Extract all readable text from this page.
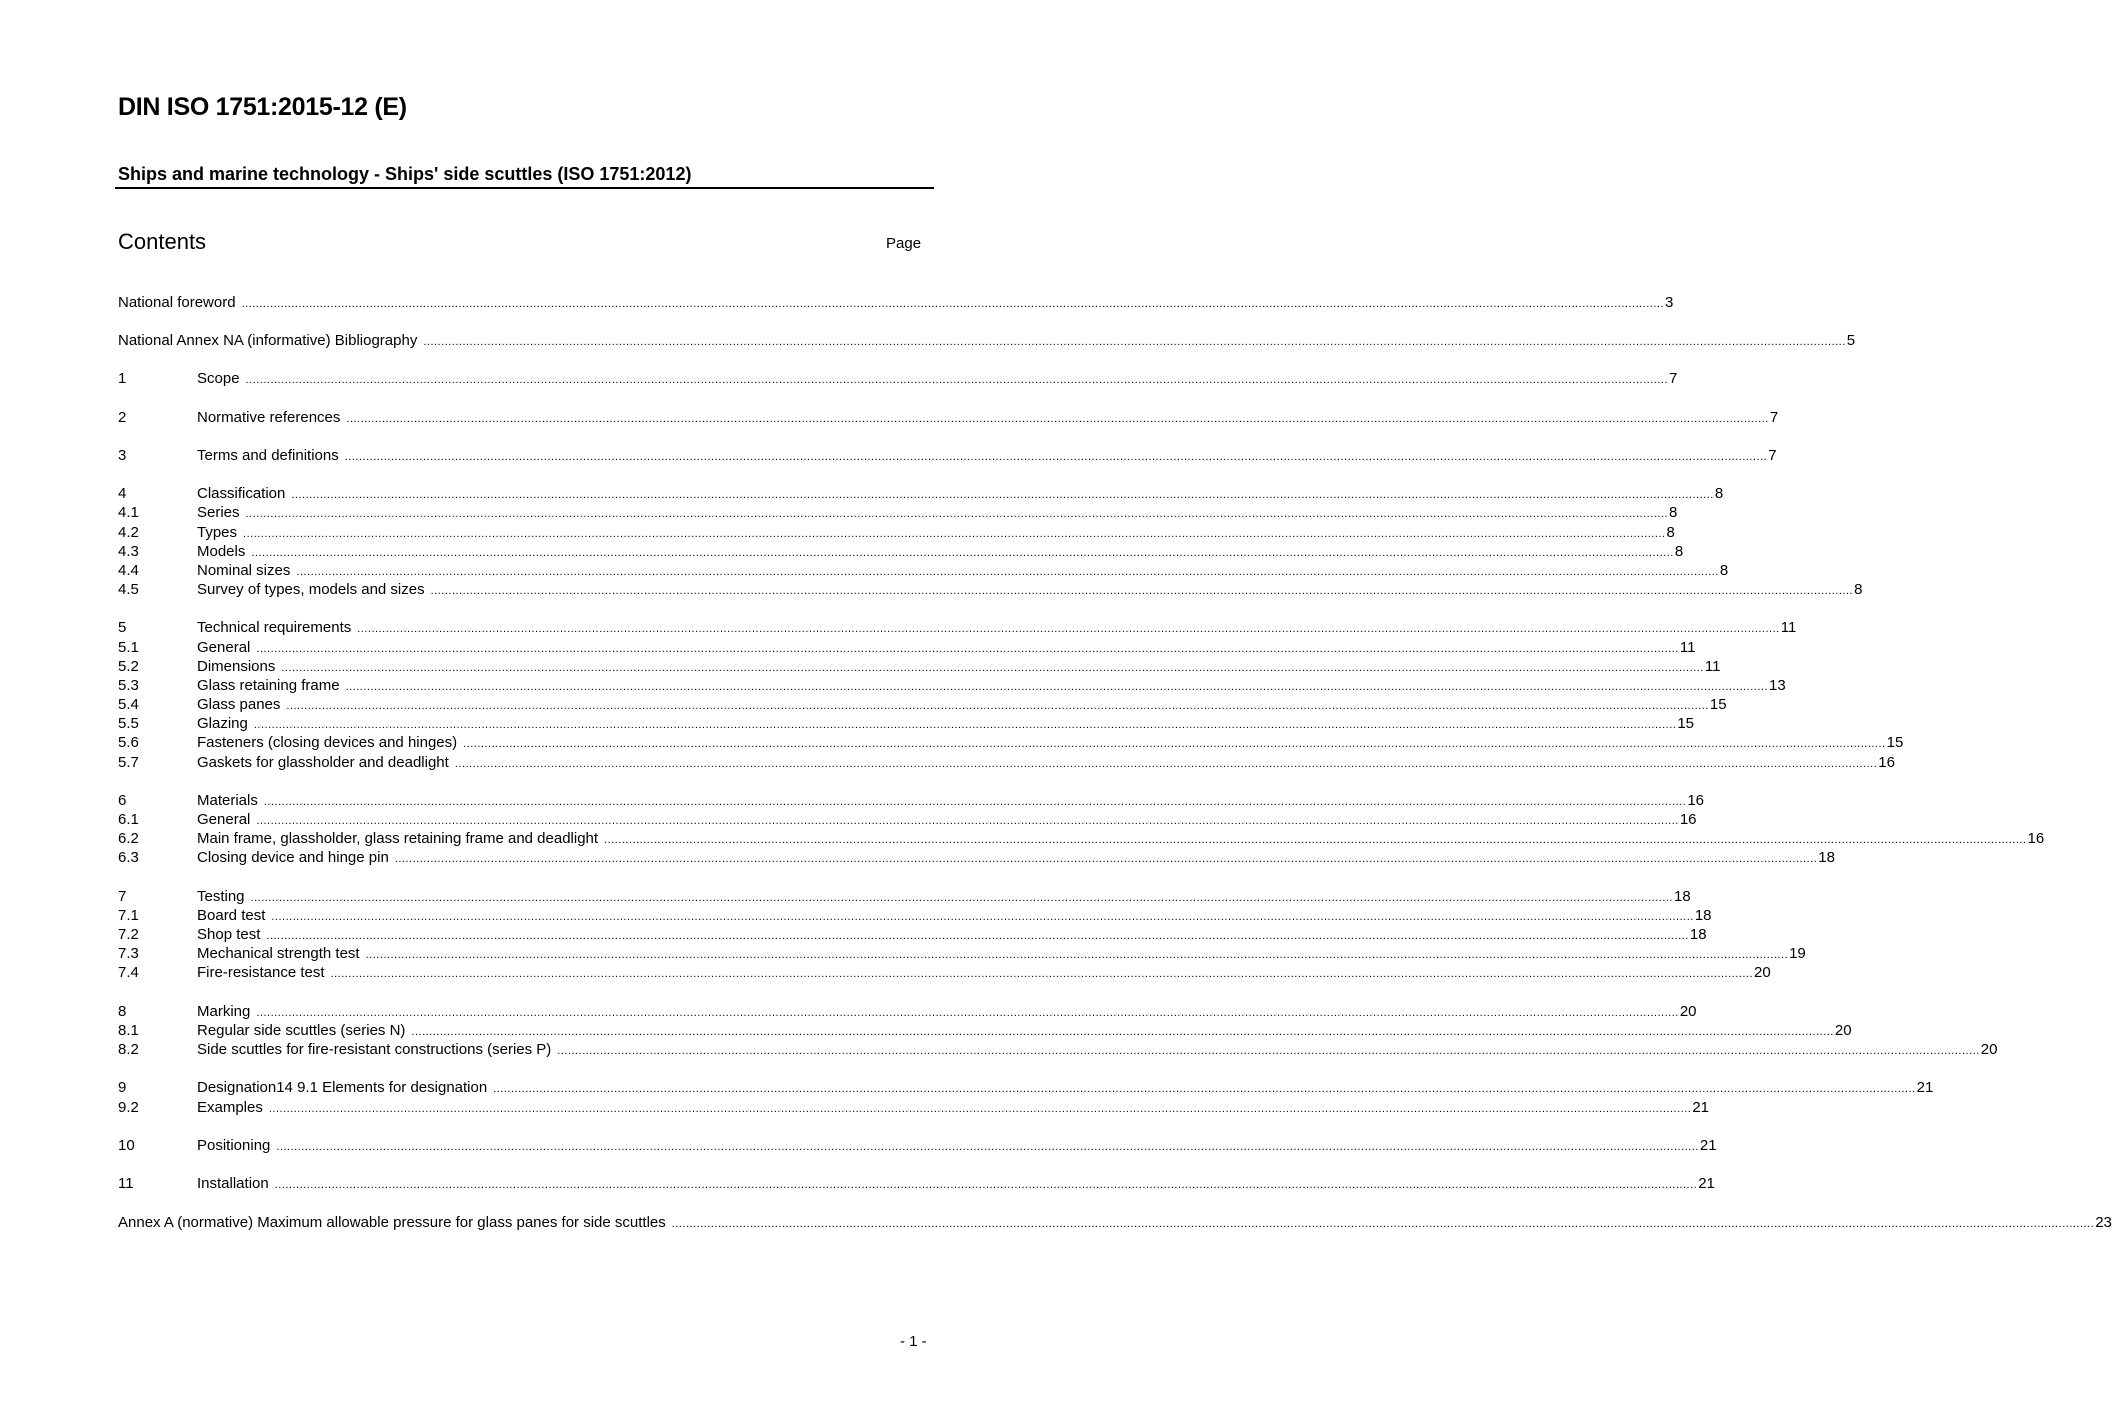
DIN ISO 1751:2015-12 (E)
Ships and marine technology - Ships' side scuttles (ISO 1751:2012)
Contents	Page
National foreword ................................................................................................................................................................................................................................................................................................................................................................................................................ 3
National Annex NA (informative) Bibliography ................................................................................................................................................................................................................................................................................................................................................................................................................ 5
1	Scope ................................................................................................................................................................................................................................................................................................................................................................................................................ 7
2	Normative references ................................................................................................................................................................................................................................................................................................................................................................................................................ 7
3	Terms and definitions ................................................................................................................................................................................................................................................................................................................................................................................................................ 7
4	Classification ................................................................................................................................................................................................................................................................................................................................................................................................................ 8
4.1	Series ................................................................................................................................................................................................................................................................................................................................................................................................................ 8
4.2	Types ................................................................................................................................................................................................................................................................................................................................................................................................................ 8
4.3	Models ................................................................................................................................................................................................................................................................................................................................................................................................................ 8
4.4	Nominal sizes ................................................................................................................................................................................................................................................................................................................................................................................................................ 8
4.5	Survey of types, models and sizes ................................................................................................................................................................................................................................................................................................................................................................................................................ 8
5	Technical requirements ................................................................................................................................................................................................................................................................................................................................................................................................................ 11
5.1	General ................................................................................................................................................................................................................................................................................................................................................................................................................ 11
5.2	Dimensions ................................................................................................................................................................................................................................................................................................................................................................................................................ 11
5.3	Glass retaining frame ................................................................................................................................................................................................................................................................................................................................................................................................................ 13
5.4	Glass panes ................................................................................................................................................................................................................................................................................................................................................................................................................ 15
5.5	Glazing ................................................................................................................................................................................................................................................................................................................................................................................................................ 15
5.6	Fasteners (closing devices and hinges) ................................................................................................................................................................................................................................................................................................................................................................................................................ 15
5.7	Gaskets for glassholder and deadlight ................................................................................................................................................................................................................................................................................................................................................................................................................ 16
6	Materials ................................................................................................................................................................................................................................................................................................................................................................................................................ 16
6.1	General ................................................................................................................................................................................................................................................................................................................................................................................................................ 16
6.2	Main frame, glassholder, glass retaining frame and deadlight ................................................................................................................................................................................................................................................................................................................................................................................................................ 16
6.3	Closing device and hinge pin ................................................................................................................................................................................................................................................................................................................................................................................................................ 18
7	Testing ................................................................................................................................................................................................................................................................................................................................................................................................................ 18
7.1	Board test ................................................................................................................................................................................................................................................................................................................................................................................................................ 18
7.2	Shop test ................................................................................................................................................................................................................................................................................................................................................................................................................ 18
7.3	Mechanical strength test ................................................................................................................................................................................................................................................................................................................................................................................................................ 19
7.4	Fire-resistance test ................................................................................................................................................................................................................................................................................................................................................................................................................ 20
8	Marking ................................................................................................................................................................................................................................................................................................................................................................................................................ 20
8.1	Regular side scuttles (series N) ................................................................................................................................................................................................................................................................................................................................................................................................................ 20
8.2	Side scuttles for fire-resistant constructions (series P) ................................................................................................................................................................................................................................................................................................................................................................................................................ 20
9	Designation14 9.1 Elements for designation ................................................................................................................................................................................................................................................................................................................................................................................................................ 21
9.2	Examples ................................................................................................................................................................................................................................................................................................................................................................................................................ 21
10	Positioning ................................................................................................................................................................................................................................................................................................................................................................................................................ 21
11	Installation ................................................................................................................................................................................................................................................................................................................................................................................................................ 21
Annex A (normative) Maximum allowable pressure for glass panes for side scuttles ................................................................................................................................................................................................................................................................................................................................................................................................................ 23
- 1 -
